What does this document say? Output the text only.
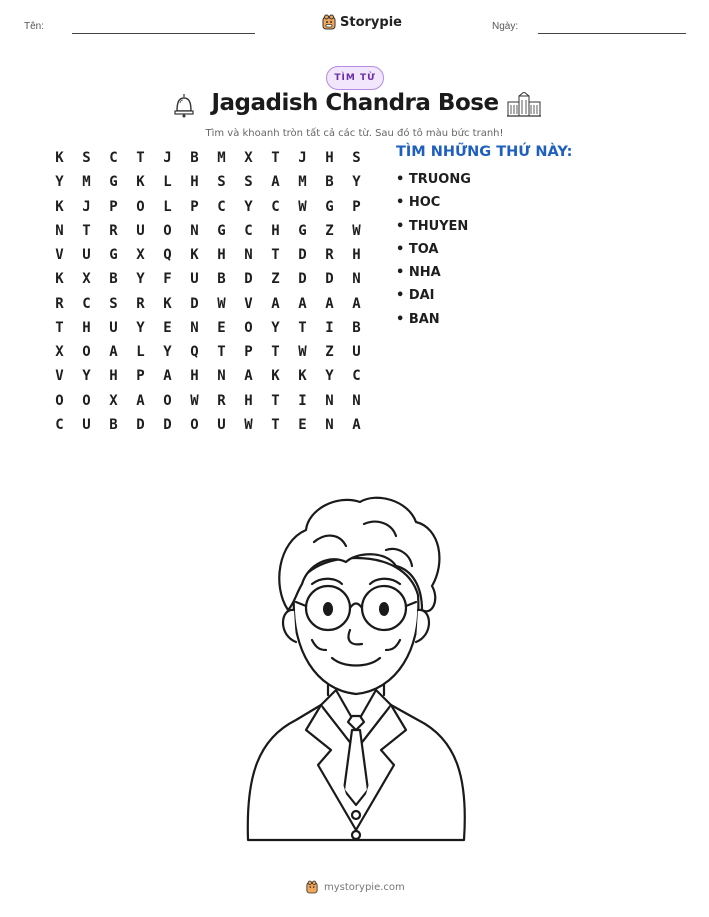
Tên:	Storypie	Ngày:
TÌM TỪ
Jagadish Chandra Bose
Tìm và khoanh tròn tất cả các từ. Sau đó tô màu bức tranh!
K	S	C	T	J	B	M	X	T	J	H	S
Y	M	G	K	L	H	S	S	A	M	B	Y
K	J	P	O	L	P	C	Y	C	W	G	P
N	T	R	U	O	N	G	C	H	G	Z	W
V	U	G	X	Q	K	H	N	T	D	R	H
K	X	B	Y	F	U	B	D	Z	D	D	N
R	C	S	R	K	D	W	V	A	A	A	A
T	H	U	Y	E	N	E	O	Y	T	I	B
X	O	A	L	Y	Q	T	P	T	W	Z	U
V	Y	H	P	A	H	N	A	K	K	Y	C
O	O	X	A	O	W	R	H	T	I	N	N
C	U	B	D	D	O	U	W	T	E	N	A
TÌM NHỮNG THỨ NÀY:
• TRUONG
• HOC
• THUYEN
• TOA
• NHA
• DAI
• BAN
mystorypie.com
